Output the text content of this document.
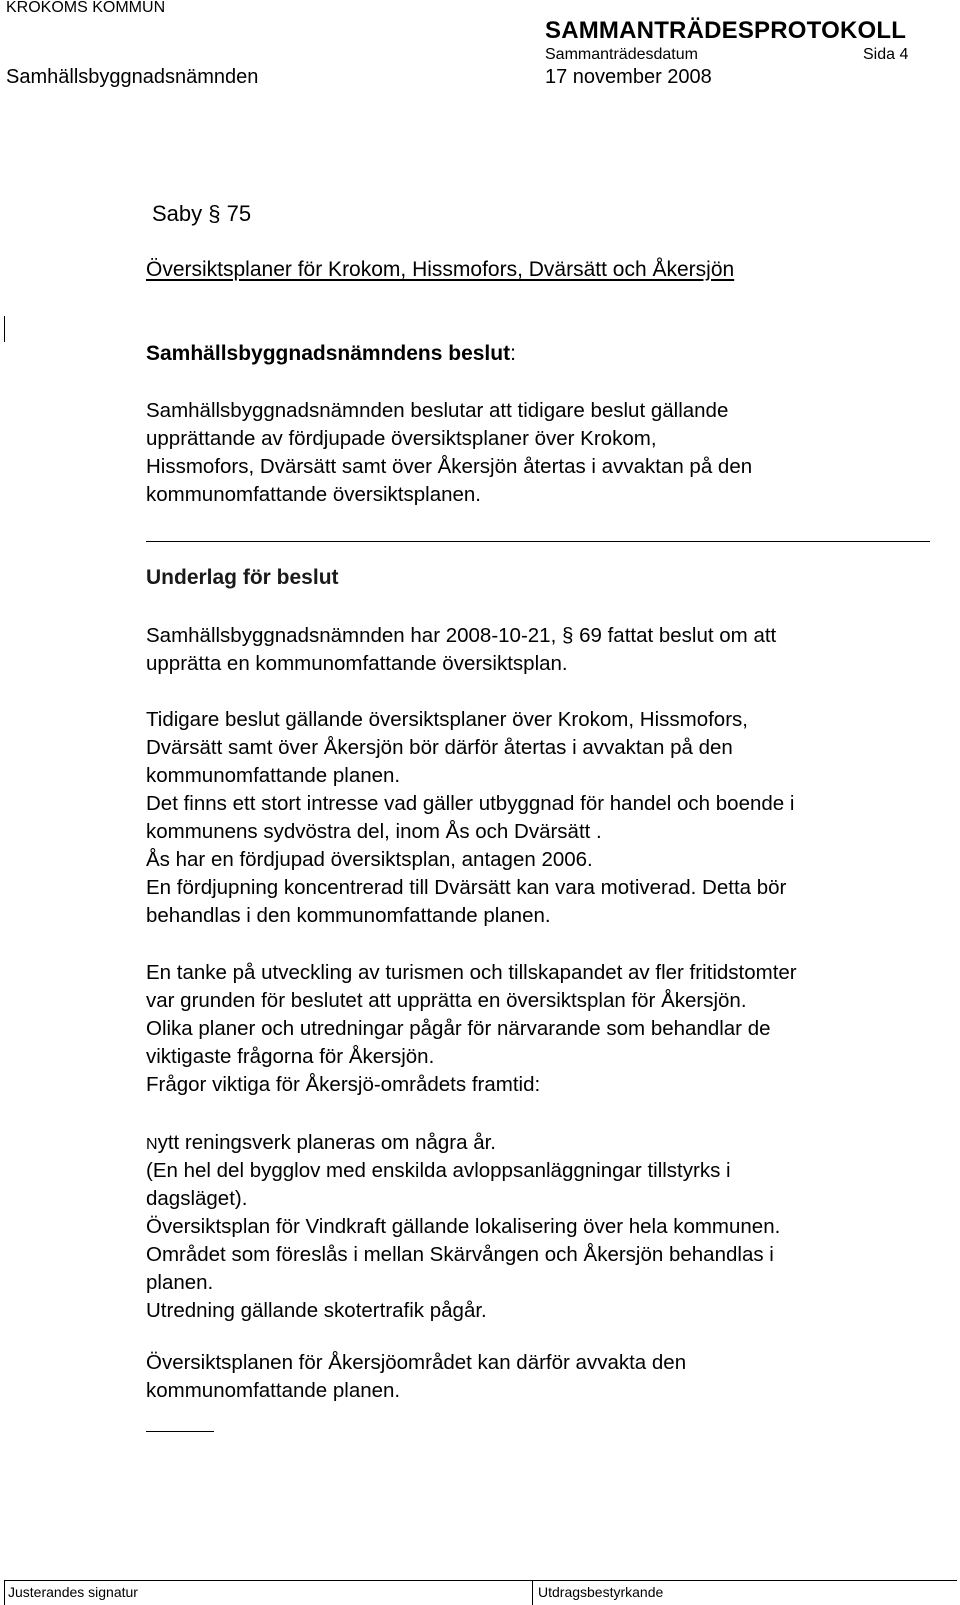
KROKOMS KOMMUN
SAMMANTRÄDESPROTOKOLL
Sammanträdesdatum	Sida 4
Samhällsbyggnadsnämnden	17 november 2008
Saby § 75
Översiktsplaner för Krokom, Hissmofors, Dvärsätt och Åkersjön
Samhällsbyggnadsnämndens beslut:
Samhällsbyggnadsnämnden beslutar att tidigare beslut gällande
upprättande av fördjupade översiktsplaner över Krokom,
Hissmofors, Dvärsätt samt över Åkersjön återtas i avvaktan på den
kommunomfattande översiktsplanen.
Underlag för beslut
Samhällsbyggnadsnämnden har 2008-10-21, § 69 fattat beslut om att
upprätta en kommunomfattande översiktsplan.
Tidigare beslut gällande översiktsplaner över Krokom, Hissmofors,
Dvärsätt samt över Åkersjön bör därför återtas i avvaktan på den
kommunomfattande planen.
Det finns ett stort intresse vad gäller utbyggnad för handel och boende i
kommunens sydvöstra del, inom Ås och Dvärsätt .
Ås har en fördjupad översiktsplan, antagen 2006.
En fördjupning koncentrerad till Dvärsätt kan vara motiverad. Detta bör
behandlas i den kommunomfattande planen.
En tanke på utveckling av turismen och tillskapandet av fler fritidstomter
var grunden för beslutet att upprätta en översiktsplan för Åkersjön.
Olika planer och utredningar pågår för närvarande som behandlar de
viktigaste frågorna för Åkersjön.
Frågor viktiga för Åkersjö-områdets framtid:
Nytt reningsverk planeras om några år.
(En hel del bygglov med enskilda avloppsanläggningar tillstyrks i
dagsläget).
Översiktsplan för Vindkraft gällande lokalisering över hela kommunen.
Området som föreslås i mellan Skärvången och Åkersjön behandlas i
planen.
Utredning gällande skotertrafik pågår.
Översiktsplanen för Åkersjöområdet kan därför avvakta den
kommunomfattande planen.
Justerandes signatur	Utdragsbestyrkande
